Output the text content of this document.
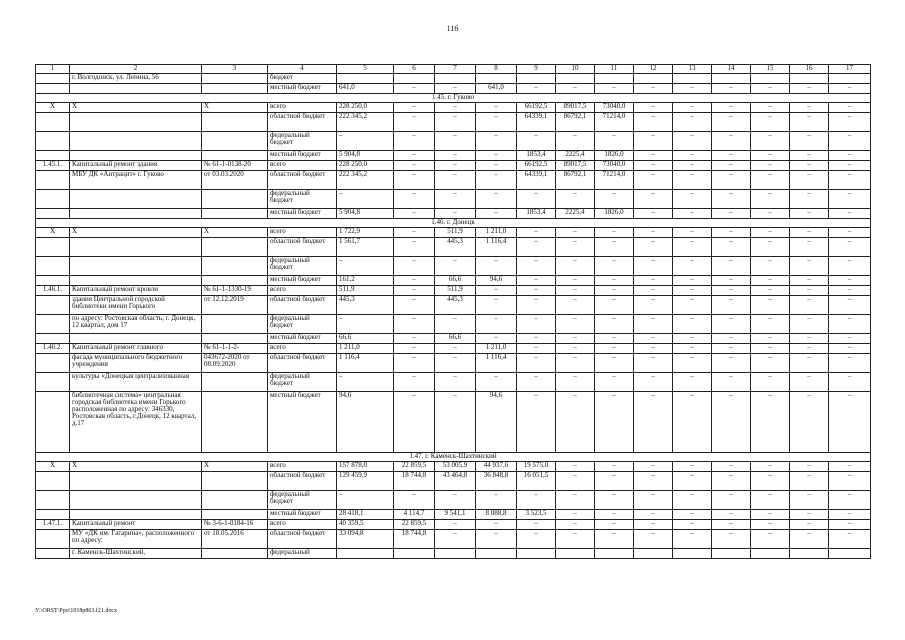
116
1	2	3	4	5	6	7	8	9	10	11	12	13	14	15	16	17
	г. Волгодонск, ул. Ленина, 56		бюджет													
			местный бюджет	641,0	–	–	641,0	–	–	–	–	–	–	–	–	–
1.45. г. Гуково																
X	X	X	всего	228 250,0	–	–	–	66192,5	89017,5	73040,0	–	–	–	–	–	–
			областной бюджет	222 345,2	–	–	–	64339,1	86792,1	71214,0	–	–	–	–	–	–
			федеральный бюджет	–	–	–	–	–	–	–	–	–	–	–	–	–
			местный бюджет	5 904,8	–	–	–	1853,4	2225,4	1826,0	–	–	–	–	–	–
1.45.1.	Капитальный ремонт здания	№ 61-1-0138-20	всего	228 250,0	–	–	–	66192,5	89017,5	73040,0	–	–	–	–	–	–
	МБУ ДК «Антрацит» г. Гуково	от 03.03.2020	областной бюджет	222 345,2	–	–	–	64339,1	86792,1	71214,0	–	–	–	–	–	–
			федеральный бюджет	–	–	–	–	–	–	–	–	–	–	–	–	–
			местный бюджет	5 904,8	–	–	–	1853,4	2225,4	1826,0	–	–	–	–	–	–
1.46. г. Донецк																
X	X	X	всего	1 722,9	–	511,9	1 211,0	–	–	–	–	–	–	–	–	–
			областной бюджет	1 561,7	–	445,3	1 116,4	–	–	–	–	–	–	–	–	–
			федеральный бюджет	–	–	–	–	–	–	–	–	–	–	–	–	–
			местный бюджет	161,2	–	66,6	94,6	–	–	–	–	–	–	–	–	–
1.46.1.	Капитальный ремонт кровли	№ 61-1-1330-19	всего	511,9	–	511,9	–	–	–	–	–	–	–	–	–	–
	здания Центральной городской библиотеки имени Горького	от 12.12.2019	областной бюджет	445,3	–	445,3	–	–	–	–	–	–	–	–	–	–
	по адресу: Ростовская область, г. Донецк, 12 квартал, дом 17		федеральный бюджет	–	–	–	–	–	–	–	–	–	–	–	–	–
			местный бюджет	66,6	–	66,6	–	–	–	–	–	–	–	–	–	–
1.46.2.	Капитальный ремонт главного	№ 61-1-1-2-	всего	1 211,0	–	–	1 211,0	–	–	–	–	–	–	–	–	–
	фасада муниципального бюджетного учреждения	043672-2020 от 08.09.2020	областной бюджет	1 116,4	–	–	1 116,4	–	–	–	–	–	–	–	–	–
	культуры «Донецкая централизованная		федеральный бюджет	–	–	–	–	–	–	–	–	–	–	–	–	–
	библиотечная система» центральная городская библиотека имени Горького расположенная по адресу: 346330, Ростовская область, г.Донецк, 12 квартал, д.17		местный бюджет	94,6	–	–	94,6	–	–	–	–	–	–	–	–	–
1.47. г. Каменск-Шахтинский																
X	X	X	всего	157 878,0	22 859,5	53 005,9	44 937,6	19 575,0	–	–	–	–	–	–	–	–
			областной бюджет	129 459,9	18 744,8	43 464,8	36 848,8	16 051,5	–	–	–	–	–	–	–	–
			федеральный бюджет	–	–	–	–	–	–	–	–	–	–	–	–	–
			местный бюджет	28 418,1	4 114,7	9 541,1	8 088,8	3 523,5	–	–	–	–	–	–	–	–
1.47.1.	Капитальный ремонт	№ 3-6-1-0184-16	всего	40 359,5	22 859,5	–	–	–	–	–	–	–	–	–	–	–
	МУ «ДК им. Гагарина», расположенного по адресу:	от 18.05.2016	областной бюджет	33 094,8	18 744,8	–	–	–	–	–	–	–	–	–	–	–
	г. Каменск-Шахтинский,		федеральный													
У:\ORST\Ppo\1018p863.f21.docx
